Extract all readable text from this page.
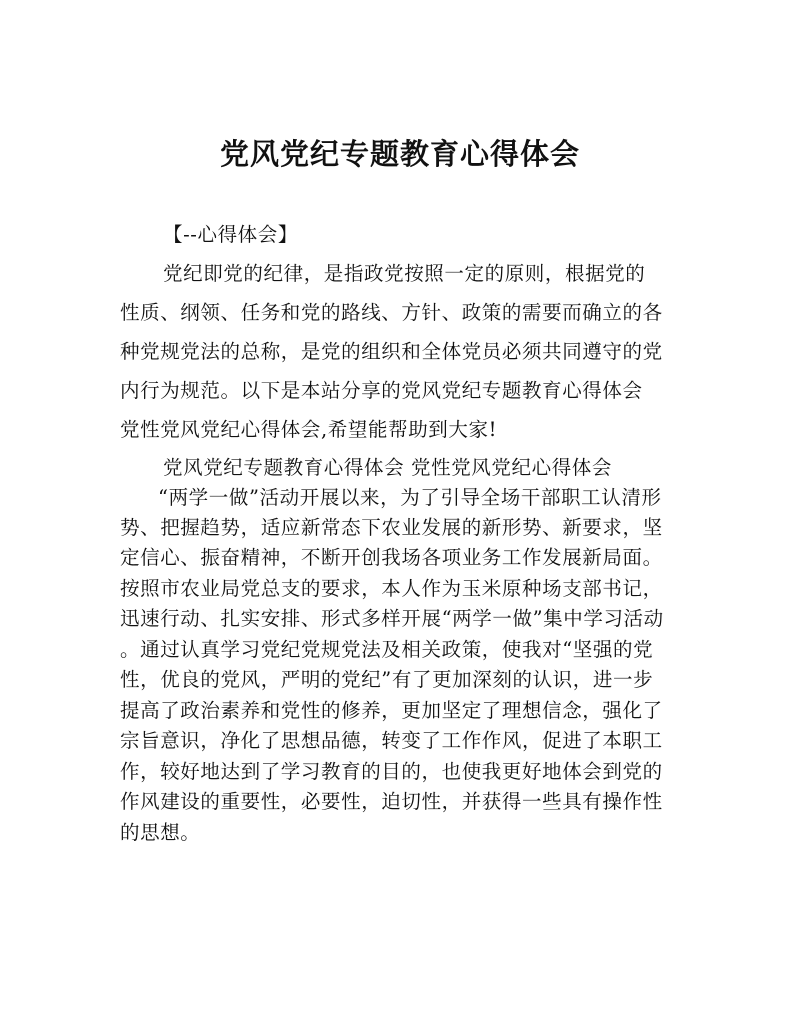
党风党纪专题教育心得体会
【--心得体会】
党纪即党的纪律，是指政党按照一定的原则，根据党的
性质、纲领、任务和党的路线、方针、政策的需要而确立的各
种党规党法的总称，是党的组织和全体党员必须共同遵守的党
内行为规范。以下是本站分享的党风党纪专题教育心得体会
党性党风党纪心得体会,希望能帮助到大家!
党风党纪专题教育心得体会 党性党风党纪心得体会
“两学一做”活动开展以来，为了引导全场干部职工认清形
势、把握趋势，适应新常态下农业发展的新形势、新要求，坚
定信心、振奋精神，不断开创我场各项业务工作发展新局面。
按照市农业局党总支的要求，本人作为玉米原种场支部书记，
迅速行动、扎实安排、形式多样开展“两学一做”集中学习活动
。通过认真学习党纪党规党法及相关政策，使我对“坚强的党
性，优良的党风，严明的党纪”有了更加深刻的认识，进一步
提高了政治素养和党性的修养，更加坚定了理想信念，强化了
宗旨意识，净化了思想品德，转变了工作作风，促进了本职工
作，较好地达到了学习教育的目的，也使我更好地体会到党的
作风建设的重要性，必要性，迫切性，并获得一些具有操作性
的思想。
